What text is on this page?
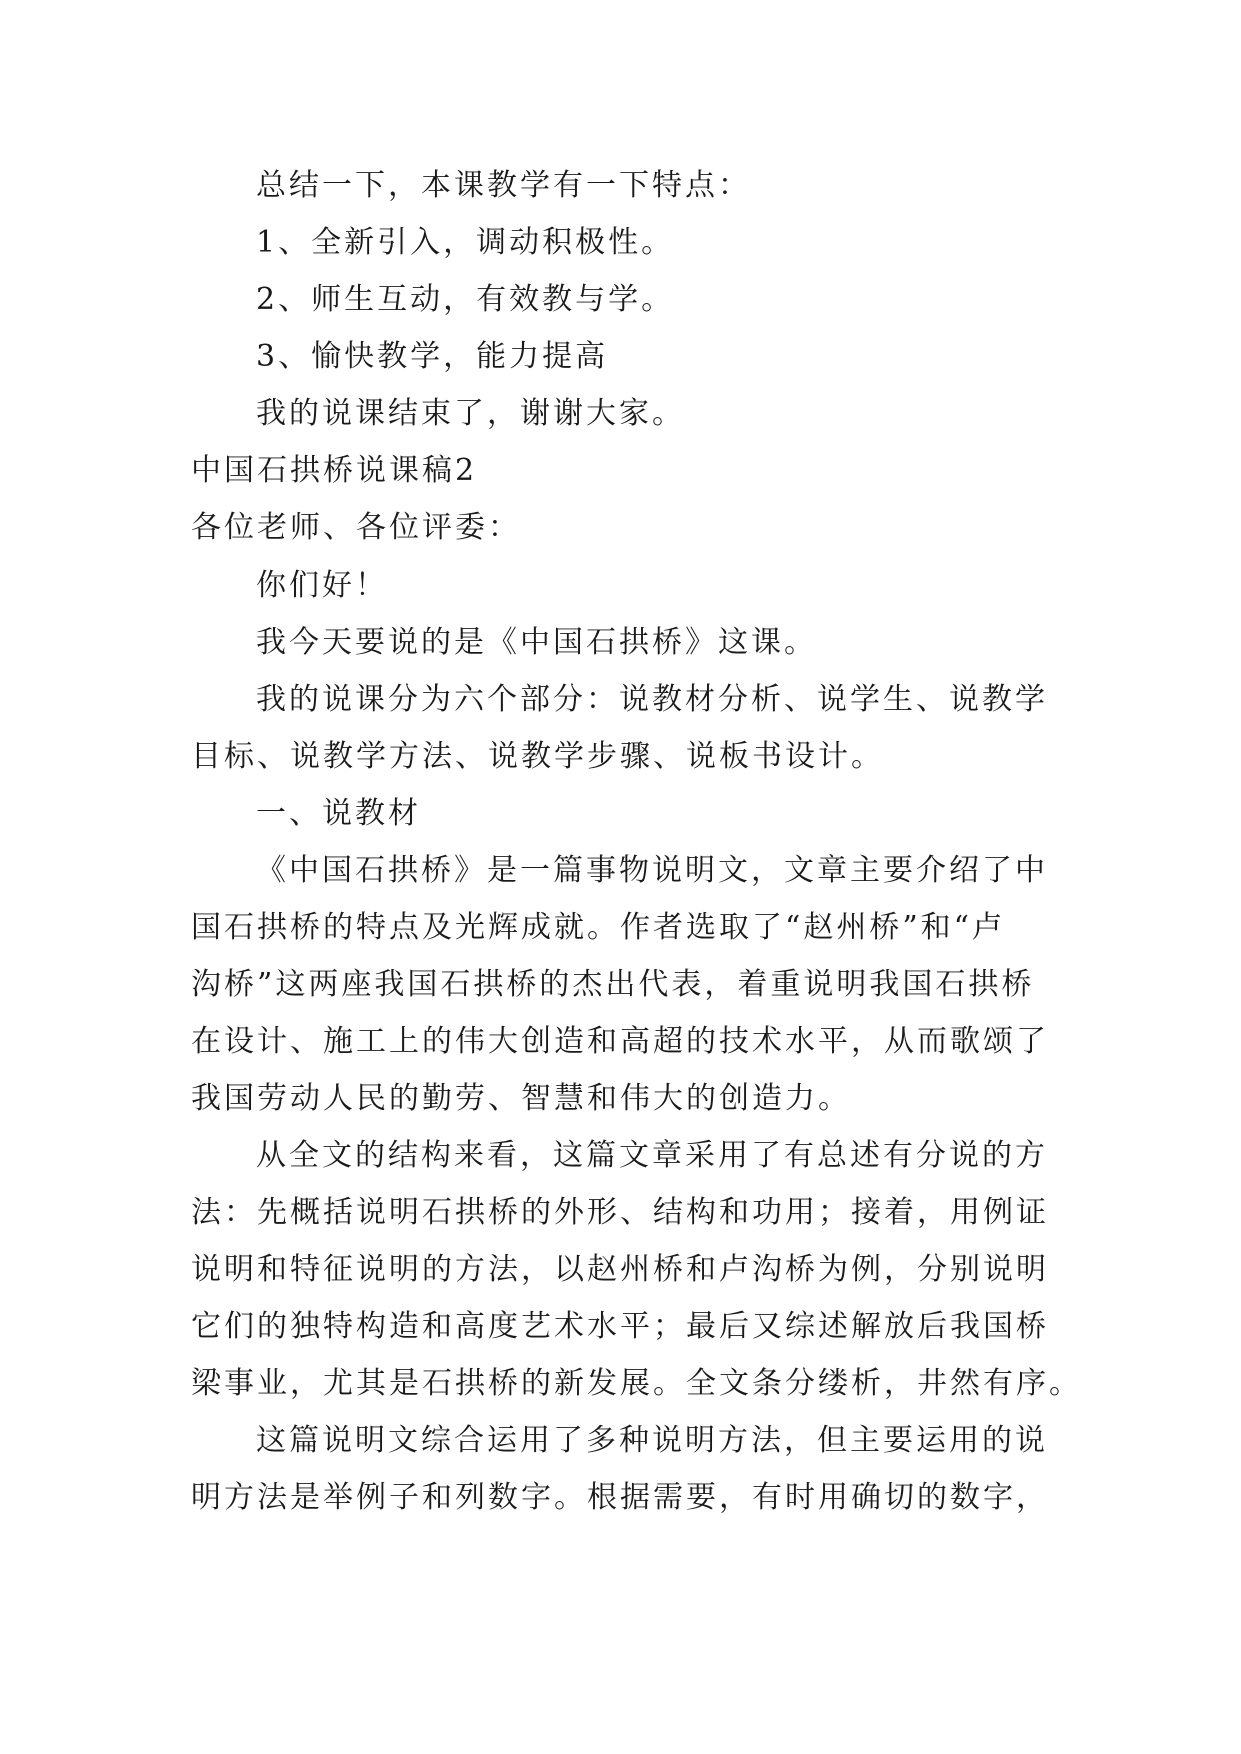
总结一下，本课教学有一下特点：
1、全新引入，调动积极性。
2、师生互动，有效教与学。
3、愉快教学，能力提高
我的说课结束了，谢谢大家。
中国石拱桥说课稿2
各位老师、各位评委：
你们好！
我今天要说的是《中国石拱桥》这课。
我的说课分为六个部分：说教材分析、说学生、说教学
目标、说教学方法、说教学步骤、说板书设计。
一、说教材
《中国石拱桥》是一篇事物说明文，文章主要介绍了中
国石拱桥的特点及光辉成就。作者选取了“赵州桥”和“卢
沟桥”这两座我国石拱桥的杰出代表，着重说明我国石拱桥
在设计、施工上的伟大创造和高超的技术水平，从而歌颂了
我国劳动人民的勤劳、智慧和伟大的创造力。
从全文的结构来看，这篇文章采用了有总述有分说的方
法：先概括说明石拱桥的外形、结构和功用；接着，用例证
说明和特征说明的方法，以赵州桥和卢沟桥为例，分别说明
它们的独特构造和高度艺术水平；最后又综述解放后我国桥
梁事业，尤其是石拱桥的新发展。全文条分缕析，井然有序。
这篇说明文综合运用了多种说明方法，但主要运用的说
明方法是举例子和列数字。根据需要，有时用确切的数字，
